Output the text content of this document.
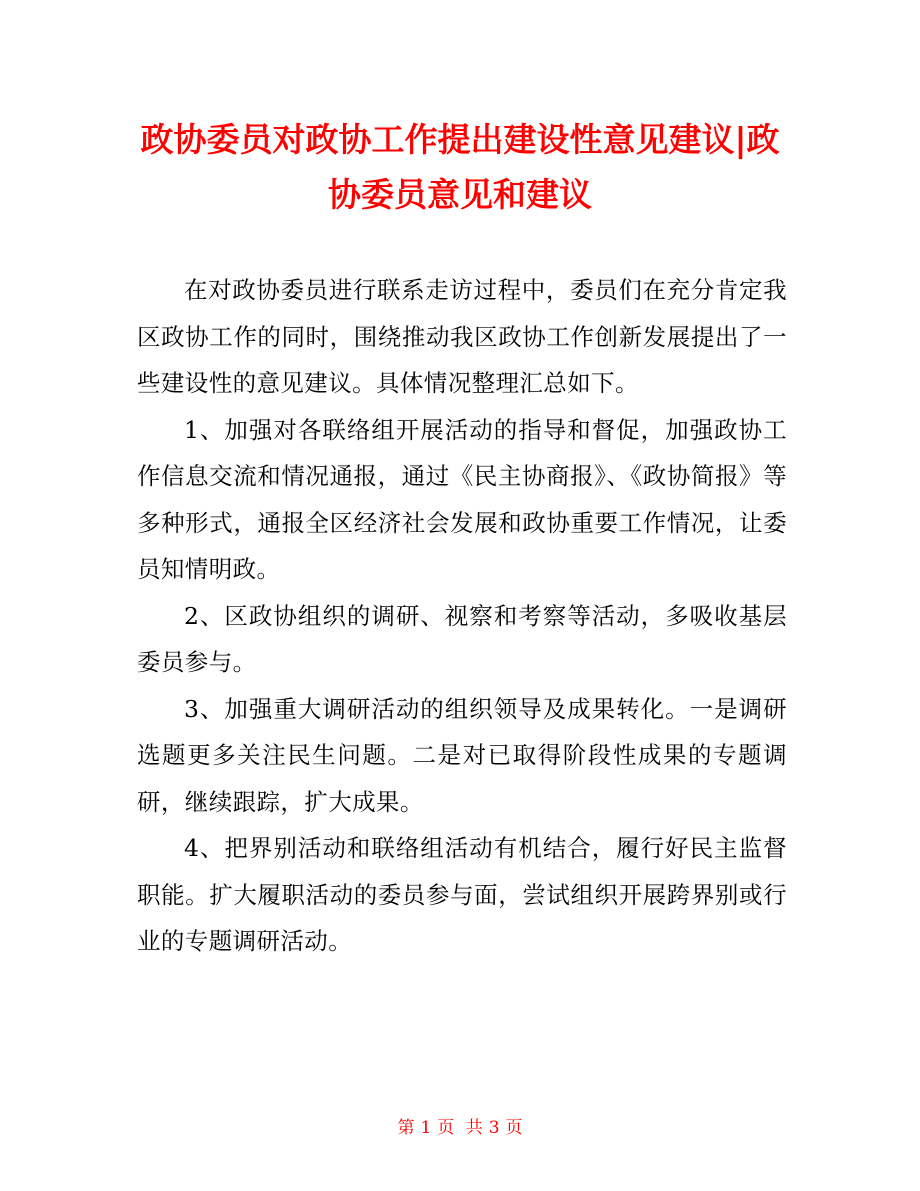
政协委员对政协工作提出建设性意见建议|政协委员意见和建议

在对政协委员进行联系走访过程中，委员们在充分肯定我区政协工作的同时，围绕推动我区政协工作创新发展提出了一些建设性的意见建议。具体情况整理汇总如下。

1、加强对各联络组开展活动的指导和督促，加强政协工作信息交流和情况通报，通过《民主协商报》、《政协简报》等多种形式，通报全区经济社会发展和政协重要工作情况，让委员知情明政。

2、区政协组织的调研、视察和考察等活动，多吸收基层委员参与。

3、加强重大调研活动的组织领导及成果转化。一是调研选题更多关注民生问题。二是对已取得阶段性成果的专题调研，继续跟踪，扩大成果。

4、把界别活动和联络组活动有机结合，履行好民主监督职能。扩大履职活动的委员参与面，尝试组织开展跨界别或行业的专题调研活动。

第 1 页 共 3 页
